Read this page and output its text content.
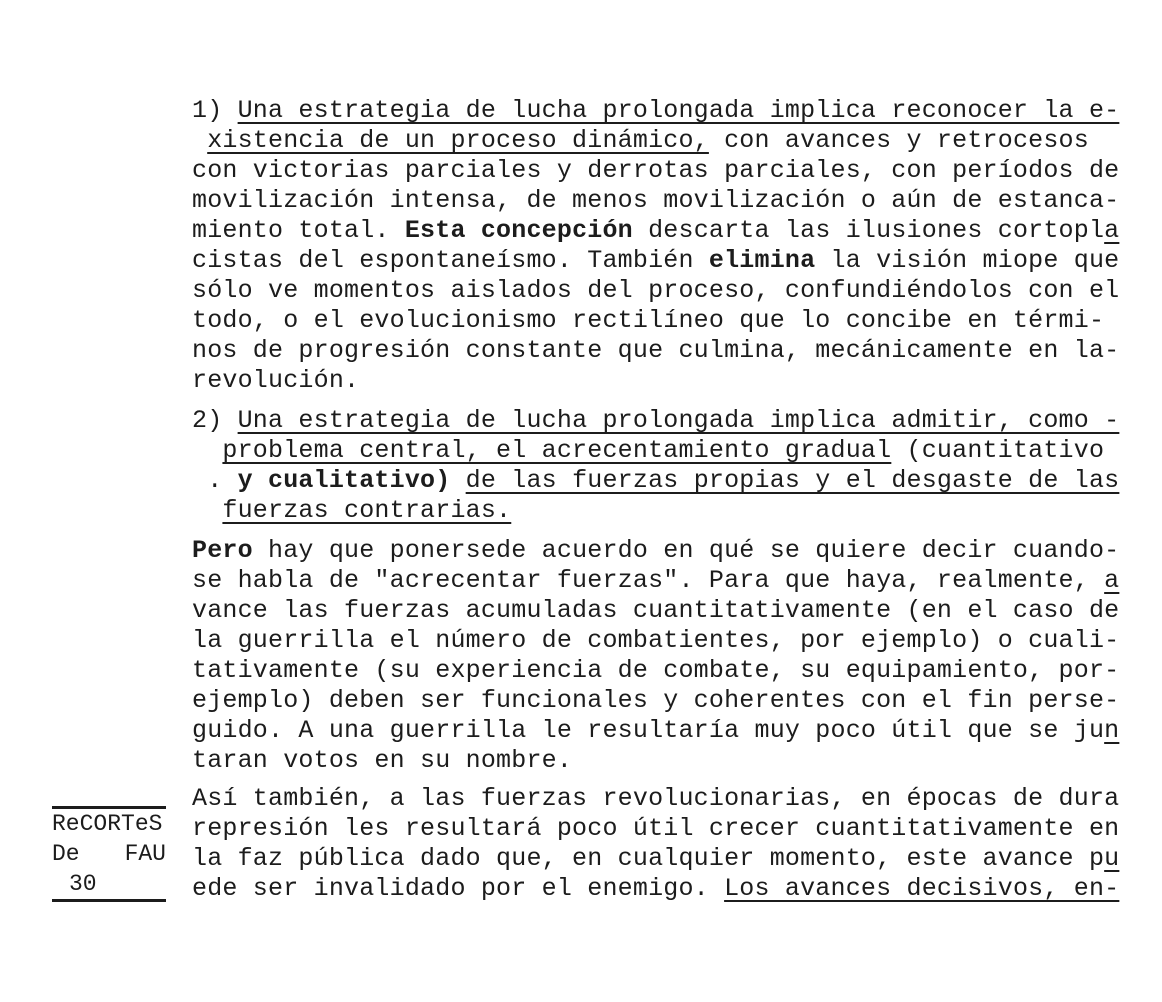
ReCORTeS
De FAU
30
1) Una estrategia de lucha prolongada implica reconocer la e-
xistencia de un proceso dinámico, con avances y retrocesos
con victorias parciales y derrotas parciales, con períodos de
movilización intensa, de menos movilización o aún de estanca-
miento total. Esta concepción descarta las ilusiones cortopla
cistas del espontaneísmo. También elimina la visión miope que
sólo ve momentos aislados del proceso, confundiéndolos con el
todo, o el evolucionismo rectilíneo que lo concibe en térmi-
nos de progresión constante que culmina, mecánicamente en la-
revolución.
2) Una estrategia de lucha prolongada implica admitir, como -
problema central, el acrecentamiento gradual (cuantitativo
. y cualitativo) de las fuerzas propias y el desgaste de las
fuerzas contrarias.
Pero hay que ponersede acuerdo en qué se quiere decir cuando-
se habla de "acrecentar fuerzas". Para que haya, realmente, a
vance las fuerzas acumuladas cuantitativamente (en el caso de
la guerrilla el número de combatientes, por ejemplo) o cuali-
tativamente (su experiencia de combate, su equipamiento, por-
ejemplo) deben ser funcionales y coherentes con el fin perse-
guido. A una guerrilla le resultaría muy poco útil que se jun
taran votos en su nombre.
Así también, a las fuerzas revolucionarias, en épocas de dura
represión les resultará poco útil crecer cuantitativamente en
la faz pública dado que, en cualquier momento, este avance pu
ede ser invalidado por el enemigo. Los avances decisivos, en-
